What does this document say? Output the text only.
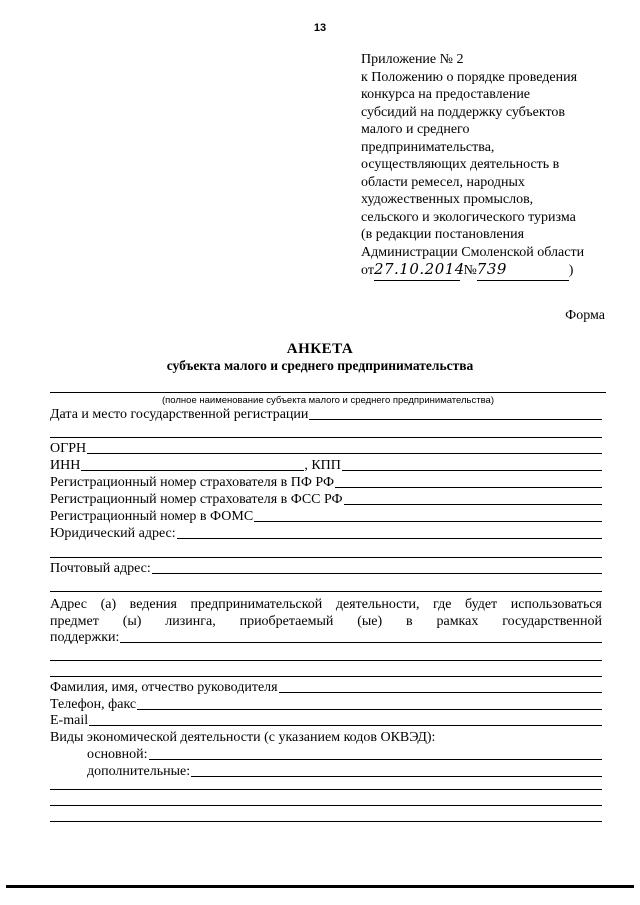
13
Приложение № 2
к Положению о порядке проведения
конкурса на предоставление
субсидий на поддержку субъектов
малого и среднего
предпринимательства,
осуществляющих деятельность в
области ремесел, народных
художественных промыслов,
сельского и экологического туризма
(в редакции постановления
Администрации Смоленской области
от27.10.2014 №739	)
Форма
АНКЕТА
субъекта малого и среднего предпринимательства
(полное наименование субъекта малого и среднего предпринимательства)
Дата и место государственной регистрации
ОГРН
ИНН	, КПП
Регистрационный номер страхователя в ПФ РФ
Регистрационный номер страхователя в ФСС РФ
Регистрационный номер в ФОМС
Юридический адрес:
Почтовый адрес:
Адрес (а) ведения предпринимательской деятельности, где будет использоваться
предмет (ы) лизинга, приобретаемый (ые) в рамках государственной
поддержки:
Фамилия, имя, отчество руководителя
Телефон, факс
E-mail
Виды экономической деятельности (с указанием кодов ОКВЭД):
основной:
дополнительные:
